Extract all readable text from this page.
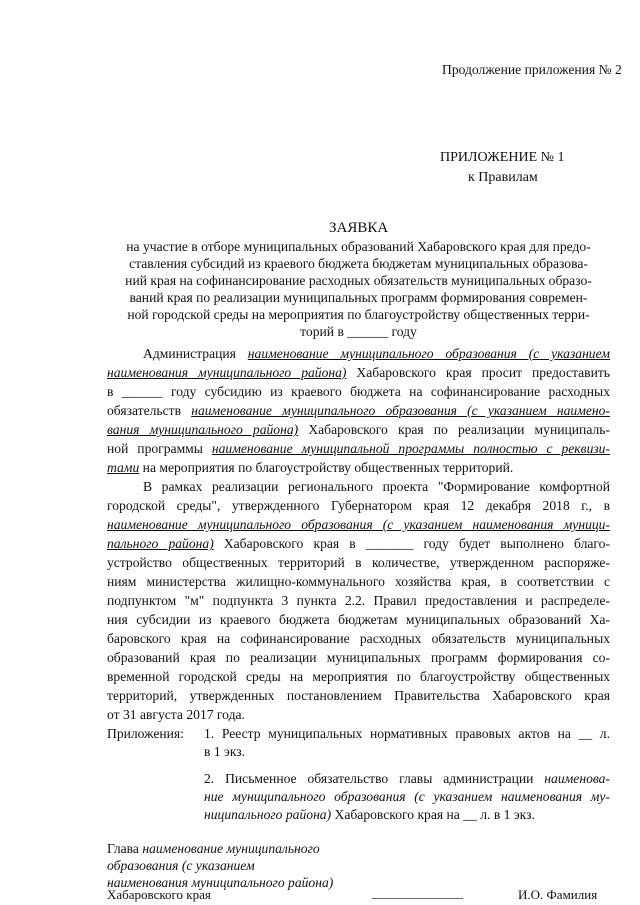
Продолжение приложения № 2
ПРИЛОЖЕНИЕ № 1
к Правилам
ЗАЯВКА
на участие в отборе муниципальных образований Хабаровского края для предо-
ставления субсидий из краевого бюджета бюджетам муниципальных образова-
ний края на софинансирование расходных обязательств муниципальных образо-
ваний края по реализации муниципальных программ формирования современ-
ной городской среды на мероприятия по благоустройству общественных терри-
торий в ______ году
Администрация наименование муниципального образования (с указанием
наименования муниципального района) Хабаровского края просит предоставить
в ______ году субсидию из краевого бюджета на софинансирование расходных
обязательств наименование муниципального образования (с указанием наимено-
вания муниципального района) Хабаровского края по реализации муниципаль-
ной программы наименование муниципальной программы полностью с реквизи-
тами на мероприятия по благоустройству общественных территорий.
В рамках реализации регионального проекта "Формирование комфортной
городской среды", утвержденного Губернатором края 12 декабря 2018 г., в
наименование муниципального образования (с указанием наименования муници-
пального района) Хабаровского края в _______ году будет выполнено благо-
устройство общественных территорий в количестве, утвержденном распоряже-
ниям министерства жилищно-коммунального хозяйства края, в соответствии с
подпунктом "м" подпункта 3 пункта 2.2. Правил предоставления и распределе-
ния субсидии из краевого бюджета бюджетам муниципальных образований Ха-
баровского края на софинансирование расходных обязательств муниципальных
образований края по реализации муниципальных программ формирования со-
временной городской среды на мероприятия по благоустройству общественных
территорий, утвержденных постановлением Правительства Хабаровского края
от 31 августа 2017 года.
Приложения: 1. Реестр муниципальных нормативных правовых актов на __ л.
в 1 экз.
2. Письменное обязательство главы администрации наименова-
ние муниципального образования (с указанием наименования му-
ниципального района) Хабаровского края на __ л. в 1 экз.
Глава наименование муниципального
образования (с указанием
наименования муниципального района)
Хабаровского края	______________	И.О. Фамилия
